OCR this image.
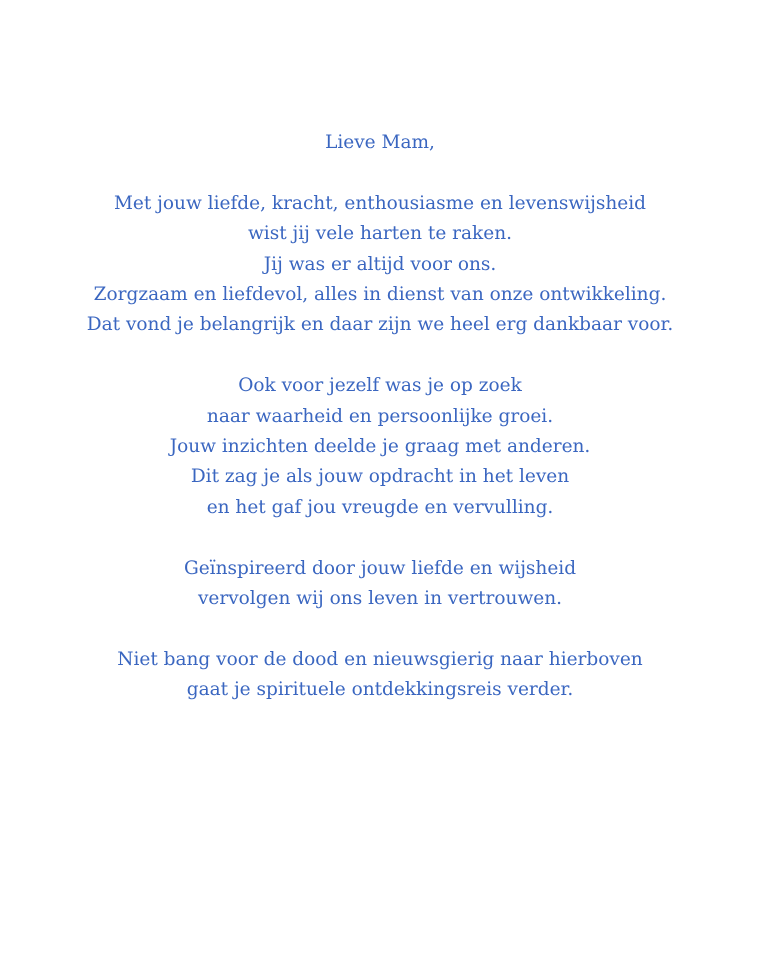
Lieve Mam,
Met jouw liefde, kracht, enthousiasme en levenswijsheid
wist jij vele harten te raken.
Jij was er altijd voor ons.
Zorgzaam en liefdevol, alles in dienst van onze ontwikkeling.
Dat vond je belangrijk en daar zijn we heel erg dankbaar voor.
Ook voor jezelf was je op zoek
naar waarheid en persoonlijke groei.
Jouw inzichten deelde je graag met anderen.
Dit zag je als jouw opdracht in het leven
en het gaf jou vreugde en vervulling.
Geïnspireerd door jouw liefde en wijsheid
vervolgen wij ons leven in vertrouwen.
Niet bang voor de dood en nieuwsgierig naar hierboven
gaat je spirituele ontdekkingsreis verder.
